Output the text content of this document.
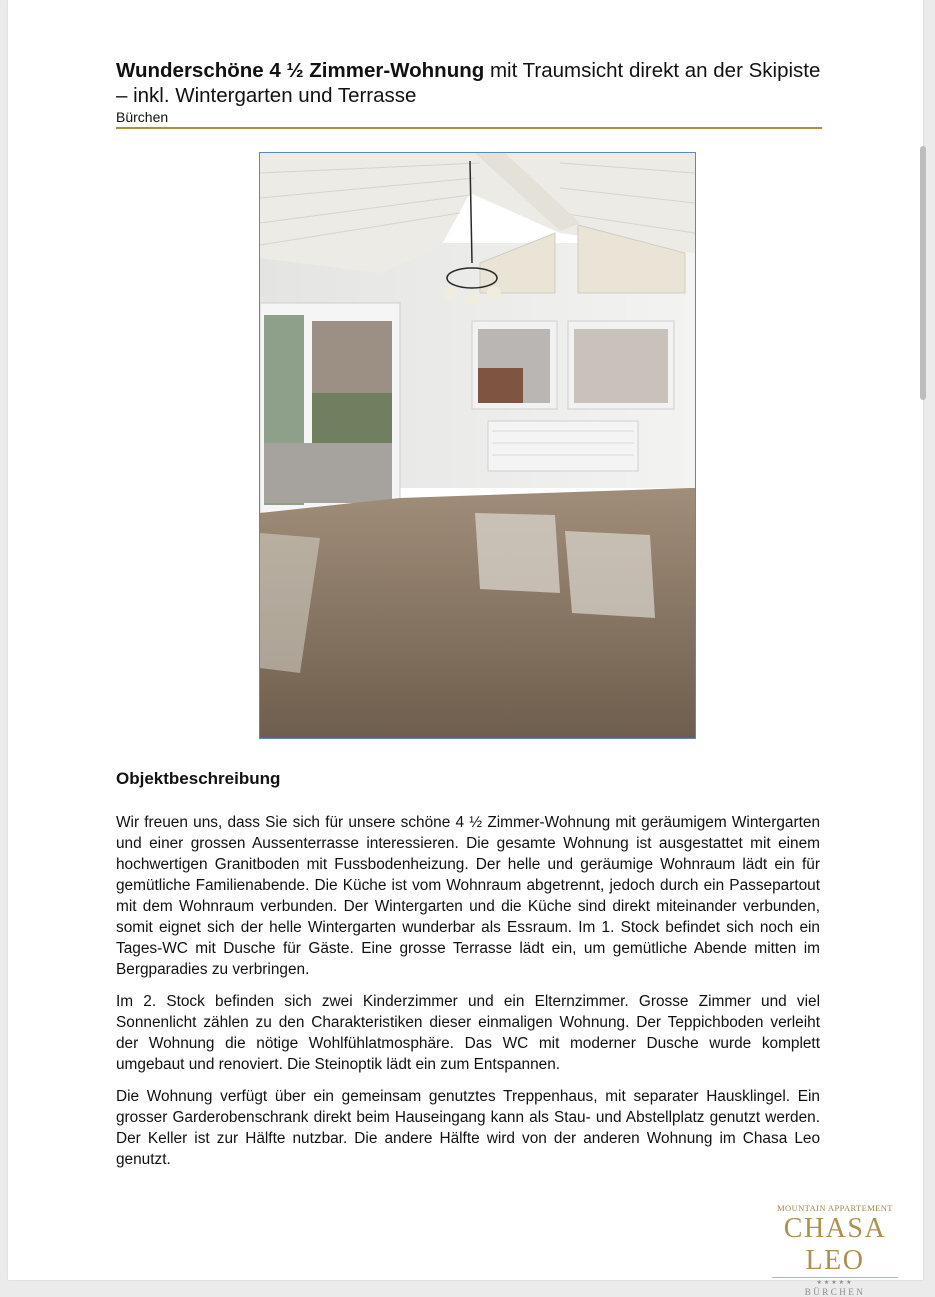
Wunderschöne 4 ½ Zimmer-Wohnung mit Traumsicht direkt an der Skipiste – inkl. Wintergarten und Terrasse
Bürchen
Objektbeschreibung

Wir freuen uns, dass Sie sich für unsere schöne 4 ½ Zimmer-Wohnung mit geräumigem Wintergarten und einer grossen Aussenterrasse interessieren. Die gesamte Wohnung ist ausgestattet mit einem hochwertigen Granitboden mit Fussbodenheizung. Der helle und geräumige Wohnraum lädt ein für gemütliche Familienabende. Die Küche ist vom Wohnraum abgetrennt, jedoch durch ein Passepartout mit dem Wohnraum verbunden. Der Wintergarten und die Küche sind direkt miteinander verbunden, somit eignet sich der helle Wintergarten wunderbar als Essraum. Im 1. Stock befindet sich noch ein Tages-WC mit Dusche für Gäste. Eine grosse Terrasse lädt ein, um gemütliche Abende mitten im Bergparadies zu verbringen.

Im 2. Stock befinden sich zwei Kinderzimmer und ein Elternzimmer. Grosse Zimmer und viel Sonnenlicht zählen zu den Charakteristiken dieser einmaligen Wohnung. Der Teppichboden verleiht der Wohnung die nötige Wohlfühlatmosphäre. Das WC mit moderner Dusche wurde komplett umgebaut und renoviert. Die Steinoptik lädt ein zum Entspannen.

Die Wohnung verfügt über ein gemeinsam genutztes Treppenhaus, mit separater Hausklingel. Ein grosser Garderobenschrank direkt beim Hauseingang kann als Stau- und Abstellplatz genutzt werden. Der Keller ist zur Hälfte nutzbar. Die andere Hälfte wird von der anderen Wohnung im Chasa Leo genutzt.

MOUNTAIN APPARTEMENT
CHASA LEO
★★★★★
BÜRCHEN
